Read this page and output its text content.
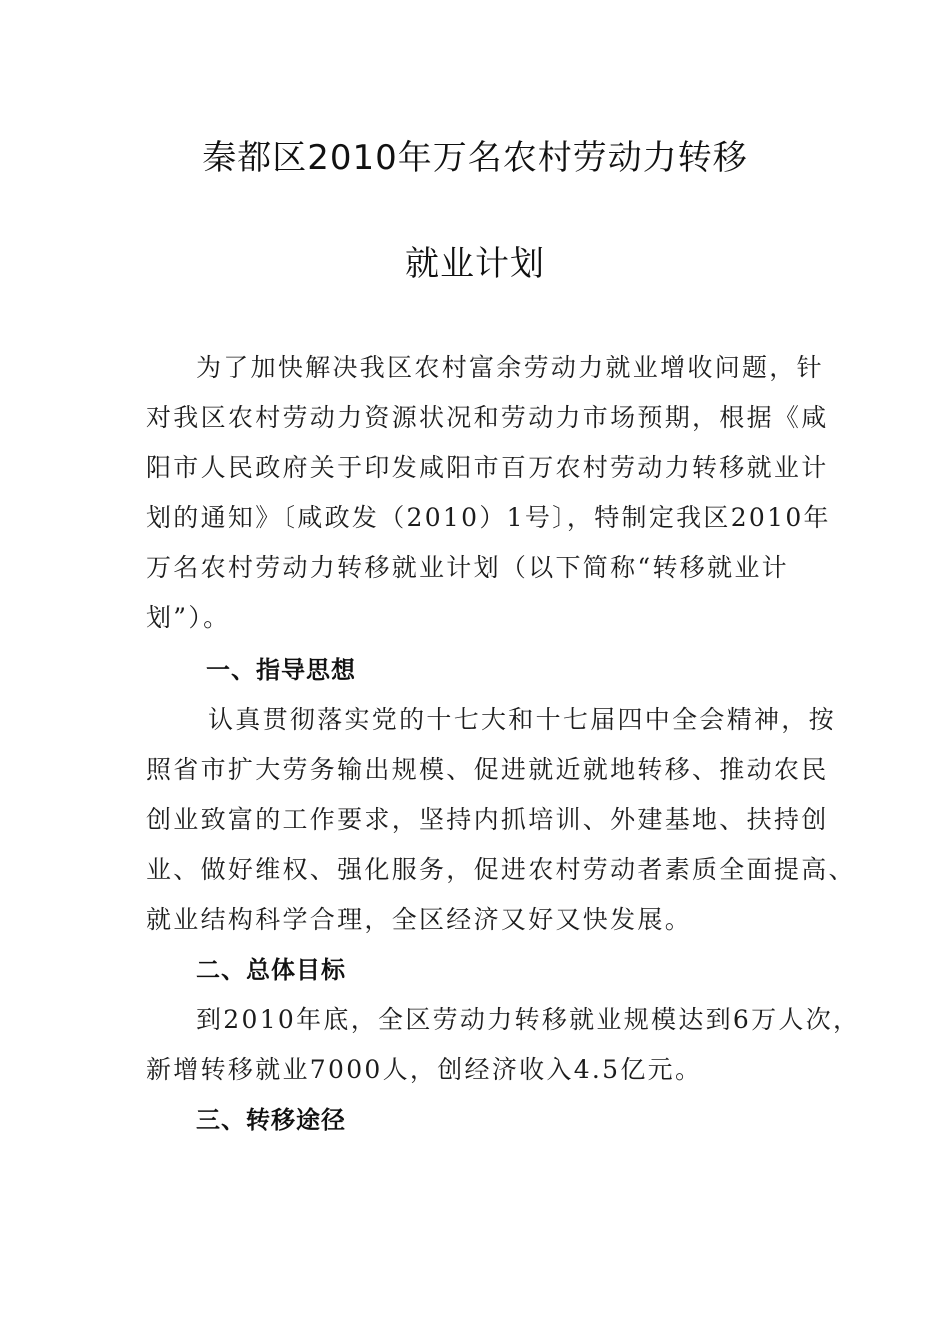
秦都区2010年万名农村劳动力转移
就业计划
为了加快解决我区农村富余劳动力就业增收问题，针
对我区农村劳动力资源状况和劳动力市场预期，根据《咸
阳市人民政府关于印发咸阳市百万农村劳动力转移就业计
划的通知》〔咸政发（2010）1号〕，特制定我区2010年
万名农村劳动力转移就业计划（以下简称“转移就业计
划”）。
一、指导思想
认真贯彻落实党的十七大和十七届四中全会精神，按
照省市扩大劳务输出规模、促进就近就地转移、推动农民
创业致富的工作要求，坚持内抓培训、外建基地、扶持创
业、做好维权、强化服务，促进农村劳动者素质全面提高、
就业结构科学合理，全区经济又好又快发展。
二、总体目标
到2010年底，全区劳动力转移就业规模达到6万人次，
新增转移就业7000人，创经济收入4.5亿元。
三、转移途径
